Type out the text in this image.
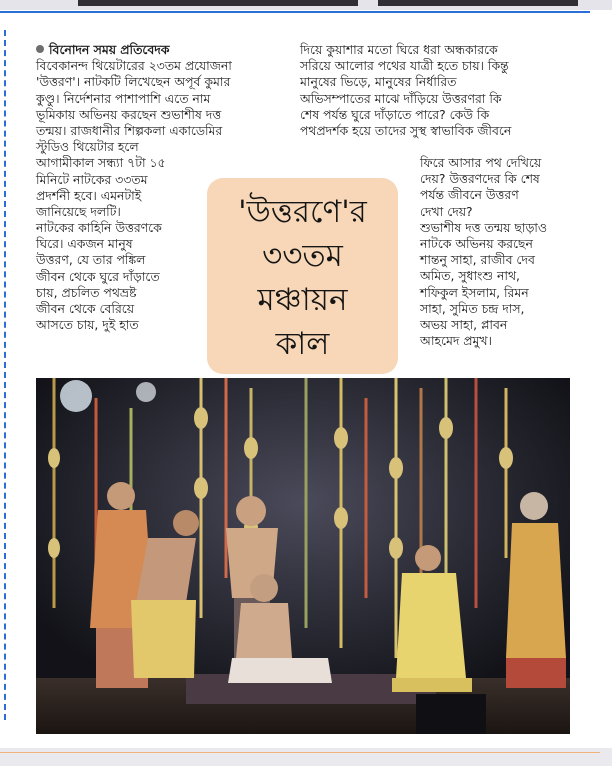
বিনোদন সময় প্রতিবেদক
বিবেকানন্দ থিয়েটারের ২৩তম প্রযোজনা
'উত্তরণ'। নাটকটি লিখেছেন অপূর্ব কুমার
কুণ্ডু। নির্দেশনার পাশাপাশি এতে নাম
ভূমিকায় অভিনয় করছেন শুভাশীষ দত্ত
তন্ময়। রাজধানীর শিল্পকলা একাডেমির
স্টুডিও থিয়েটার হলে
আগামীকাল সন্ধ্যা ৭টা ১৫
মিনিটে নাটকের ৩৩তম
প্রদর্শনী হবে। এমনটাই
জানিয়েছে দলটি।
নাটকের কাহিনি উত্তরণকে
ঘিরে। একজন মানুষ
উত্তরণ, যে তার পঙ্কিল
জীবন থেকে ঘুরে দাঁড়াতে
চায়, প্রচলিত পথভ্রষ্ট
জীবন থেকে বেরিয়ে
আসতে চায়, দুই হাত
দিয়ে কুয়াশার মতো ঘিরে ধরা অন্ধকারকে
সরিয়ে আলোর পথের যাত্রী হতে চায়। কিন্তু
মানুষের ভিড়ে, মানুষের নির্ধারিত
অভিসম্পাতের মাঝে দাঁড়িয়ে উত্তরণরা কি
শেষ পর্যন্ত ঘুরে দাঁড়াতে পারে? কেউ কি
পথপ্রদর্শক হয়ে তাদের সুস্থ স্বাভাবিক জীবনে
ফিরে আসার পথ দেখিয়ে
দেয়? উত্তরণদের কি শেষ
পর্যন্ত জীবনে উত্তরণ
দেখা দেয়?
শুভাশীষ দত্ত তন্ময় ছাড়াও
নাটকে অভিনয় করছেন
শান্তনু সাহা, রাজীব দেব
অমিত, সুধাংশু নাথ,
শফিকুল ইসলাম, রিমন
সাহা, সুমিত চন্দ্র দাস,
অভয় সাহা, প্লাবন
আহমেদ প্রমুখ।
'উত্তরণে'র
৩৩তম
মঞ্চায়ন
কাল
